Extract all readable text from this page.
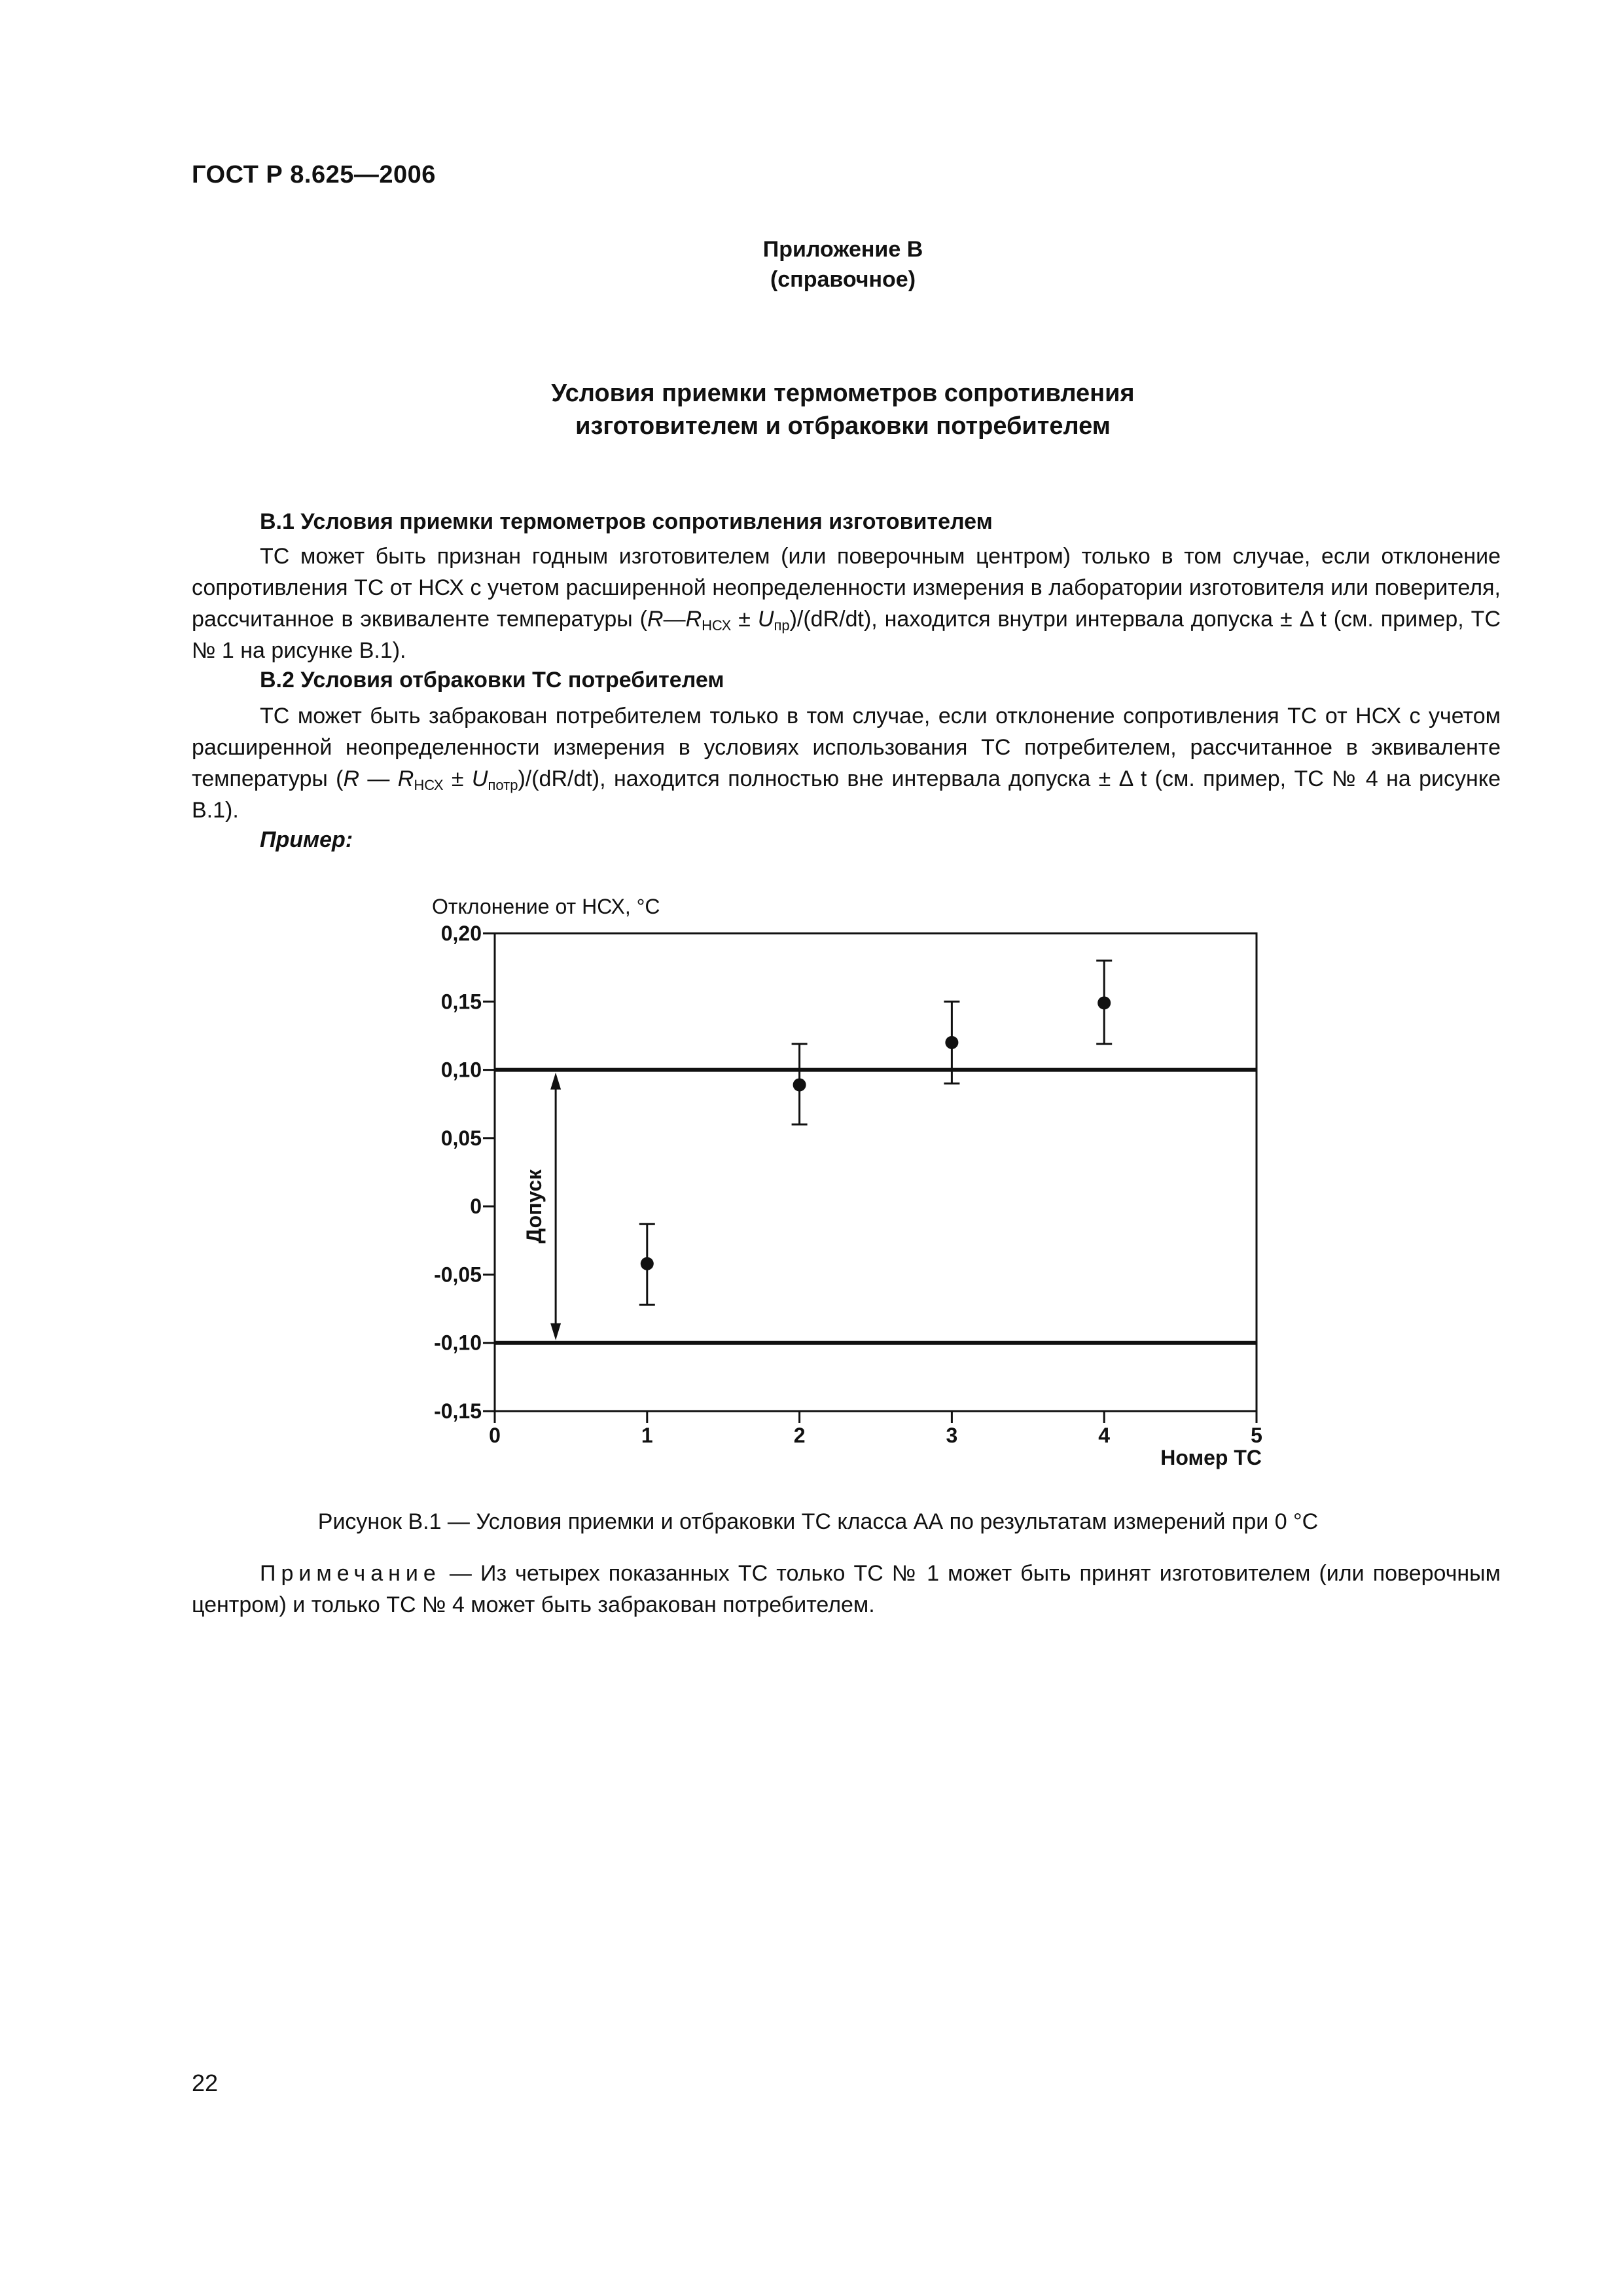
ГОСТ Р 8.625—2006
Приложение В
(справочное)
Условия приемки термометров сопротивления
изготовителем и отбраковки потребителем
В.1 Условия приемки термометров сопротивления изготовителем

ТС может быть признан годным изготовителем (или поверочным центром) только в том случае, если отклонение сопротивления ТС от НСХ с учетом расширенной неопределенности измерения в лаборатории изготовителя или поверителя, рассчитанное в эквиваленте температуры $(R—R_{НСХ} \pm U_{пр})/(dR/dt)$, находится внутри интервала допуска ± Δ t (см. пример, ТС № 1 на рисунке В.1).

В.2 Условия отбраковки ТС потребителем

ТС может быть забракован потребителем только в том случае, если отклонение сопротивления ТС от НСХ с учетом расширенной неопределенности измерения в условиях использования ТС потребителем, рассчитанное в эквиваленте температуры (R — $R_{НСХ} \pm U_{потр})/(dR/dt)$, находится полностью вне интервала допуска ± Δ t (см. пример, ТС № 4 на рисунке В.1).

Пример:
Отклонение от НСХ, °С
Номер ТС
0,20
0,15
0,10
0,05
0
-0,05
-0,10
-0,15
0	1	2	3	4	5
Допуск
Рисунок В.1 — Условия приемки и отбраковки ТС класса АА по результатам измерений при 0 °С

Примечание — Из четырех показанных ТС только ТС № 1 может быть принят изготовителем (или поверочным центром) и только ТС № 4 может быть забракован потребителем.

22
